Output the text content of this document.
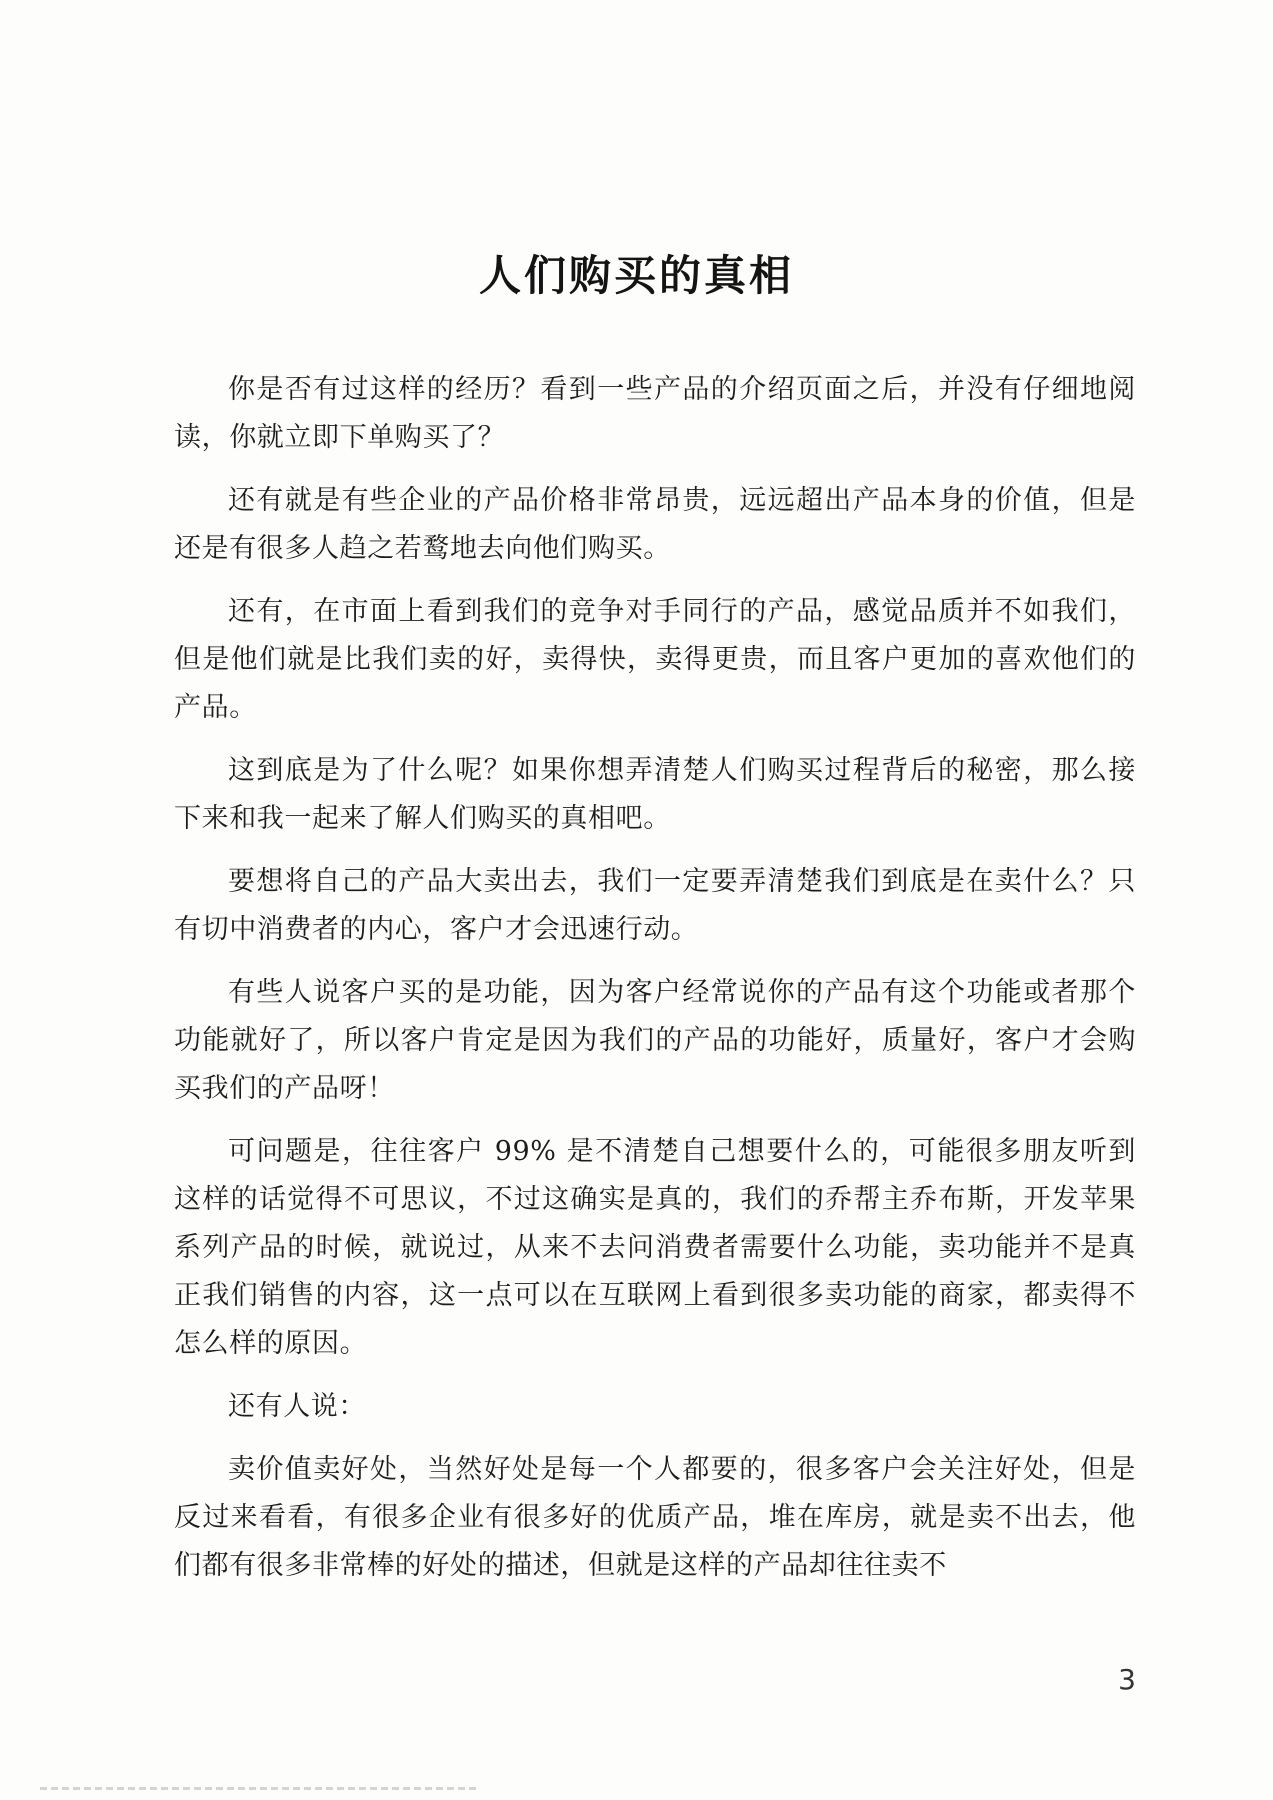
人们购买的真相

你是否有过这样的经历？看到一些产品的介绍页面之后，并没有仔细地阅读，你就立即下单购买了？

还有就是有些企业的产品价格非常昂贵，远远超出产品本身的价值，但是还是有很多人趋之若鹜地去向他们购买。

还有，在市面上看到我们的竞争对手同行的产品，感觉品质并不如我们，但是他们就是比我们卖的好，卖得快，卖得更贵，而且客户更加的喜欢他们的产品。

这到底是为了什么呢？如果你想弄清楚人们购买过程背后的秘密，那么接下来和我一起来了解人们购买的真相吧。

要想将自己的产品大卖出去，我们一定要弄清楚我们到底是在卖什么？只有切中消费者的内心，客户才会迅速行动。

有些人说客户买的是功能，因为客户经常说你的产品有这个功能或者那个功能就好了，所以客户肯定是因为我们的产品的功能好，质量好，客户才会购买我们的产品呀！

可问题是，往往客户 99% 是不清楚自己想要什么的，可能很多朋友听到这样的话觉得不可思议，不过这确实是真的，我们的乔帮主乔布斯，开发苹果系列产品的时候，就说过，从来不去问消费者需要什么功能，卖功能并不是真正我们销售的内容，这一点可以在互联网上看到很多卖功能的商家，都卖得不怎么样的原因。

还有人说：

卖价值卖好处，当然好处是每一个人都要的，很多客户会关注好处，但是反过来看看，有很多企业有很多好的优质产品，堆在库房，就是卖不出去，他们都有很多非常棒的好处的描述，但就是这样的产品却往往卖不

3
